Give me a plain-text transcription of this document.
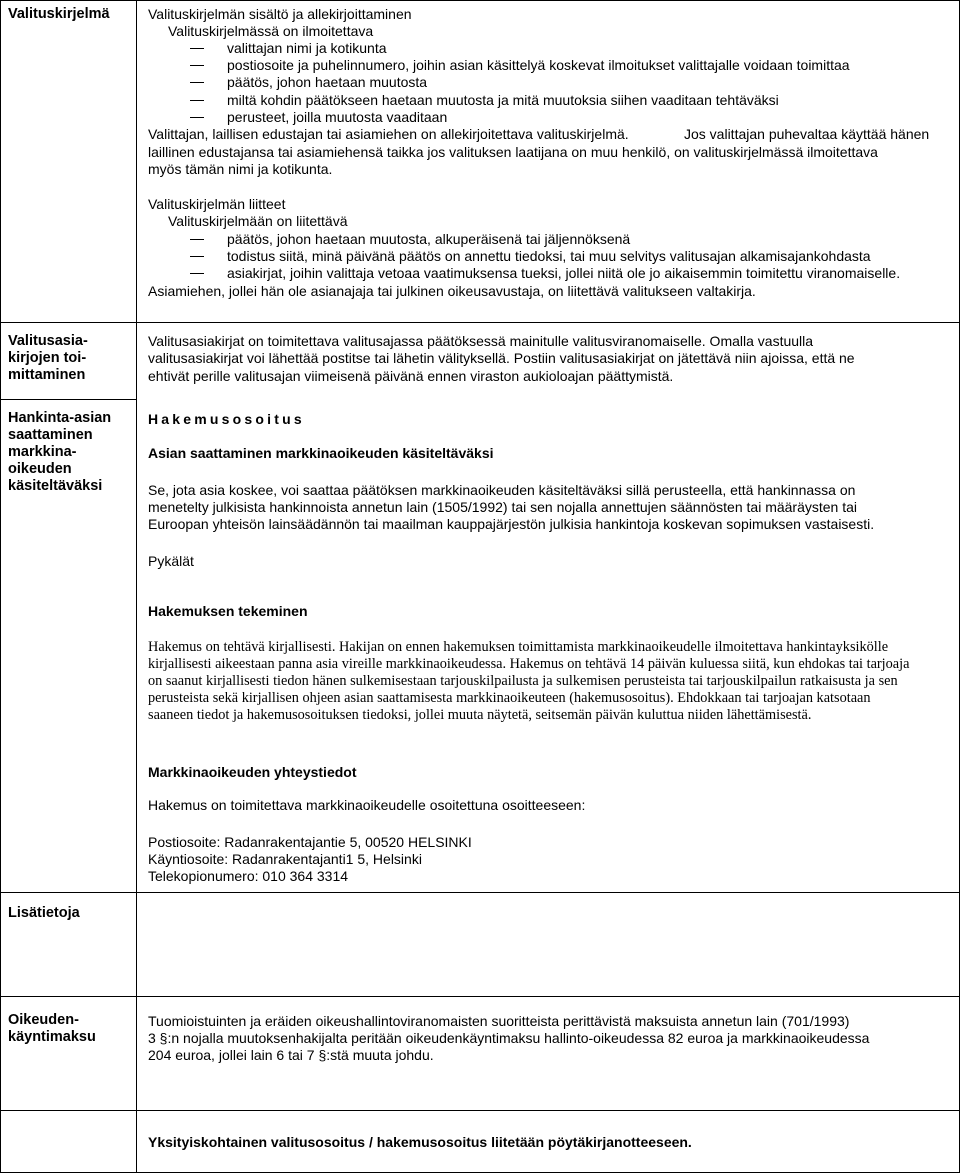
Valituskirjelmä	Valituskirjelmän sisältö ja allekirjoittaminen
Valituskirjelmässä on ilmoitettava
valittajan nimi ja kotikunta
postiosoite ja puhelinnumero, joihin asian käsittelyä koskevat ilmoitukset valittajalle voidaan toimittaa
päätös, johon haetaan muutosta
miltä kohdin päätökseen haetaan muutosta ja mitä muutoksia siihen vaaditaan tehtäväksi
perusteet, joilla muutosta vaaditaan
Valittajan, laillisen edustajan tai asiamiehen on allekirjoitettava valituskirjelmä.	Jos valittajan puhevaltaa käyttää hänen
laillinen edustajansa tai asiamiehensä taikka jos valituksen laatijana on muu henkilö, on valituskirjelmässä ilmoitettava
myös tämän nimi ja kotikunta.
Valituskirjelmän liitteet
Valituskirjelmään on liitettävä
päätös, johon haetaan muutosta, alkuperäisenä tai jäljennöksenä
todistus siitä, minä päivänä päätös on annettu tiedoksi, tai muu selvitys valitusajan alkamisajankohdasta
asiakirjat, joihin valittaja vetoaa vaatimuksensa tueksi, jollei niitä ole jo aikaisemmin toimitettu viranomaiselle.
Asiamiehen, jollei hän ole asianajaja tai julkinen oikeusavustaja, on liitettävä valitukseen valtakirja.
Valitusasia-
kirjojen toi-
mittaminen
Hankinta-asian
saattaminen
markkina-
oikeuden
käsiteltäväksi
Valitusasiakirjat on toimitettava valitusajassa päätöksessä mainitulle valitusviranomaiselle. Omalla vastuulla
valitusasiakirjat voi lähettää postitse tai lähetin välityksellä. Postiin valitusasiakirjat on jätettävä niin ajoissa, että ne
ehtivät perille valitusajan viimeisenä päivänä ennen viraston aukioloajan päättymistä.
Hakemusosoitus
Asian saattaminen markkinaoikeuden käsiteltäväksi
Se, jota asia koskee, voi saattaa päätöksen markkinaoikeuden käsiteltäväksi sillä perusteella, että hankinnassa on
menetelty julkisista hankinnoista annetun lain (1505/1992) tai sen nojalla annettujen säännösten tai määräysten tai
Euroopan yhteisön lainsäädännön tai maailman kauppajärjestön julkisia hankintoja koskevan sopimuksen vastaisesti.
Pykälät
Hakemuksen tekeminen
Hakemus on tehtävä kirjallisesti. Hakijan on ennen hakemuksen toimittamista markkinaoikeudelle ilmoitettava hankintayksikölle
kirjallisesti aikeestaan panna asia vireille markkinaoikeudessa. Hakemus on tehtävä 14 päivän kuluessa siitä, kun ehdokas tai tarjoaja
on saanut kirjallisesti tiedon hänen sulkemisestaan tarjouskilpailusta ja sulkemisen perusteista tai tarjouskilpailun ratkaisusta ja sen
perusteista sekä kirjallisen ohjeen asian saattamisesta markkinaoikeuteen (hakemusosoitus). Ehdokkaan tai tarjoajan katsotaan
saaneen tiedot ja hakemusosoituksen tiedoksi, jollei muuta näytetä, seitsemän päivän kuluttua niiden lähettämisestä.
Markkinaoikeuden yhteystiedot
Hakemus on toimitettava markkinaoikeudelle osoitettuna osoitteeseen:
Postiosoite: Radanrakentajantie 5, 00520 HELSINKI
Käyntiosoite: Radanrakentajanti1 5, Helsinki
Telekopionumero: 010 364 3314
Lisätietoja
Oikeuden-
käyntimaksu
Tuomioistuinten ja eräiden oikeushallintoviranomaisten suoritteista perittävistä maksuista annetun lain (701/1993)
3 §:n nojalla muutoksenhakijalta peritään oikeudenkäyntimaksu hallinto-oikeudessa 82 euroa ja markkinaoikeudessa
204 euroa, jollei lain 6 tai 7 §:stä muuta johdu.
Yksityiskohtainen valitusosoitus / hakemusosoitus liitetään pöytäkirjanotteeseen.
